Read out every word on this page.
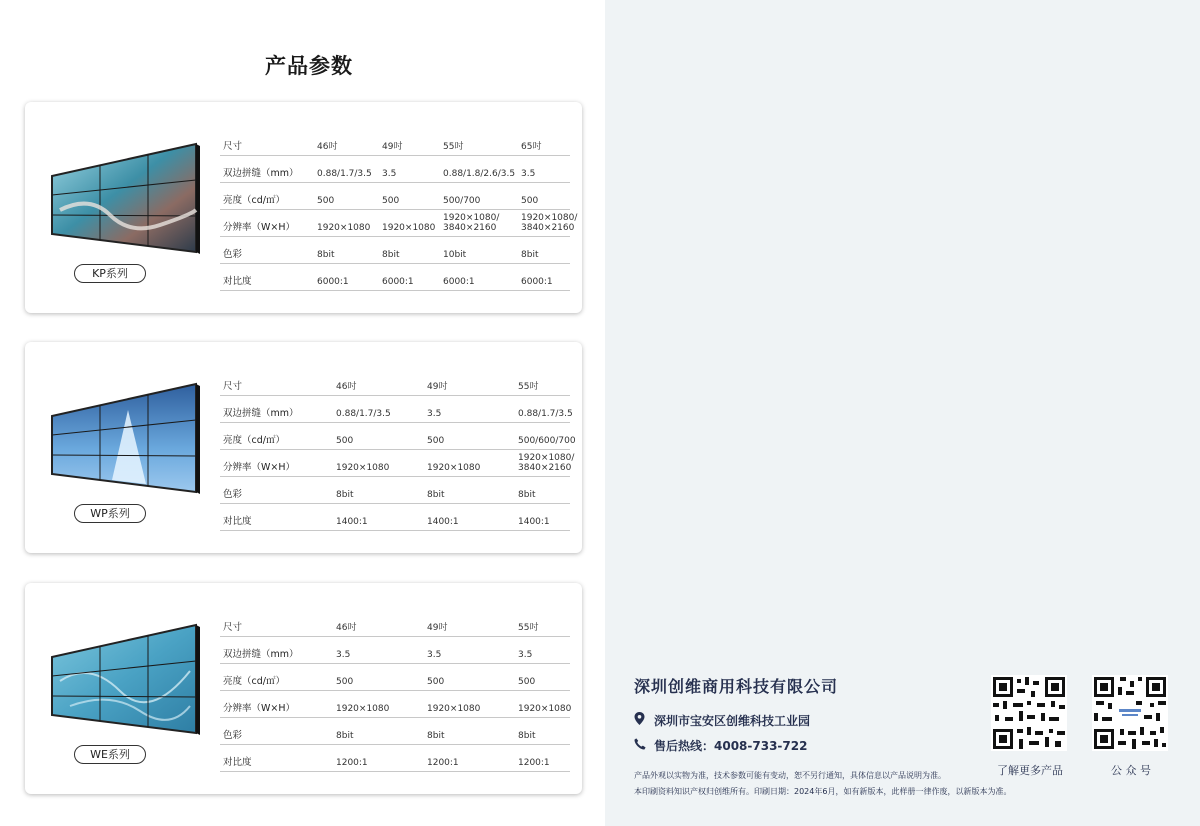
产品参数
KP系列
尺寸	46吋	49吋	55吋	65吋
双边拼缝（mm） 0.88/1.7/3.5 3.5	0.88/1.8/2.6/3.5 3.5
亮度（cd/㎡）	500	500	500/700	500
分辨率（W×H） 1920×1080 1920×1080
1920×1080/
3840×2160
1920×1080/
3840×2160
色彩	8bit	8bit	10bit	8bit
对比度	6000:1	6000:1	6000:1	6000:1
WP系列
尺寸	46吋	49吋	55吋
双边拼缝（mm）	0.88/1.7/3.5	3.5	0.88/1.7/3.5
亮度（cd/㎡）	500	500	500/600/700
分辨率（W×H）	1920×1080	1920×1080
1920×1080/
3840×2160
色彩	8bit	8bit	8bit
对比度	1400:1	1400:1	1400:1
WE系列
尺寸	46吋	49吋	55吋
双边拼缝（mm）	3.5	3.5	3.5
亮度（cd/㎡）	500	500	500
分辨率（W×H）	1920×1080	1920×1080	1920×1080
色彩	8bit	8bit	8bit
对比度	1200:1	1200:1	1200:1
深圳创维商用科技有限公司
深圳市宝安区创维科技工业园
售后热线：4008-733-722
了解更多产品	公 众 号
产品外观以实物为准，技术参数可能有变动，恕不另行通知，具体信息以产品说明为准。
本印刷资料知识产权归创维所有。印刷日期：2024年6月，如有新版本，此样册一律作废，以新版本为准。
